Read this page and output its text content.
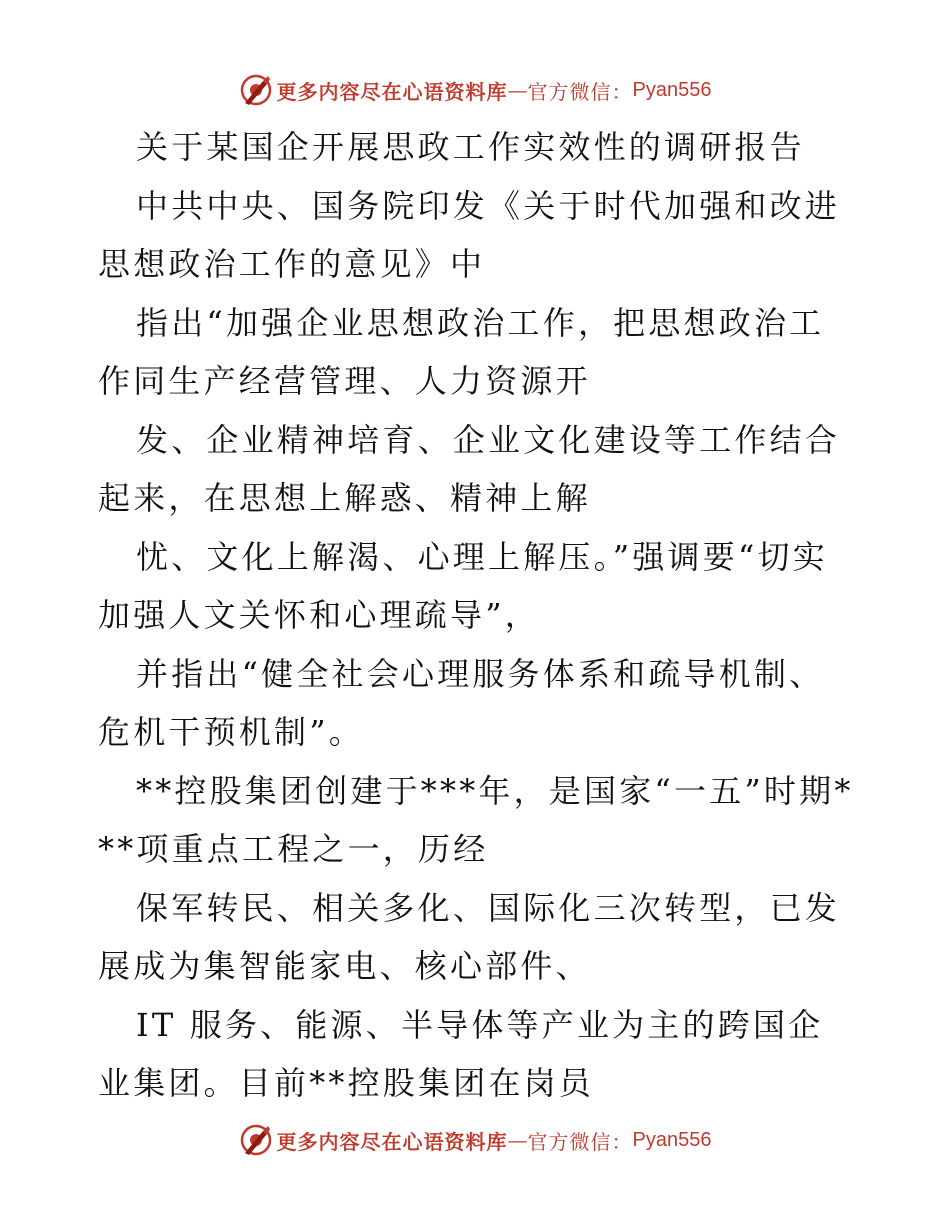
更多内容尽在心语资料库 — 官方微信： Pyan556

关于某国企开展思政工作实效性的调研报告

中共中央、国务院印发《关于时代加强和改进思想政治工作的意见》中

指出“加强企业思想政治工作，把思想政治工作同生产经营管理、人力资源开

发、企业精神培育、企业文化建设等工作结合起来，在思想上解惑、精神上解

忧、文化上解渴、心理上解压。”强调要“切实加强人文关怀和心理疏导”，

并指出“健全社会心理服务体系和疏导机制、危机干预机制”。

**控股集团创建于***年，是国家“一五”时期***项重点工程之一，历经

保军转民、相关多化、国际化三次转型，已发展成为集智能家电、核心部件、

IT 服务、能源、半导体等产业为主的跨国企业集团。目前**控股集团在岗员

更多内容尽在心语资料库 — 官方微信： Pyan556
